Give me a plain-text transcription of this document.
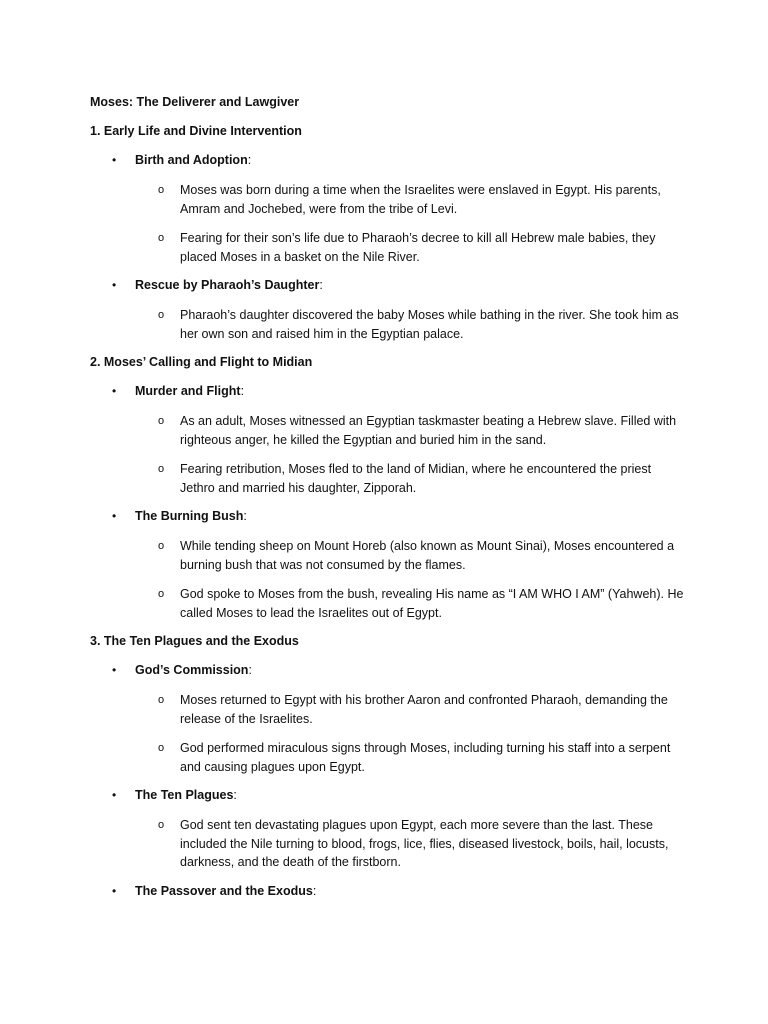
Moses: The Deliverer and Lawgiver
1. Early Life and Divine Intervention
• Birth and Adoption:
o Moses was born during a time when the Israelites were enslaved in Egypt. His parents, Amram and Jochebed, were from the tribe of Levi.
o Fearing for their son’s life due to Pharaoh’s decree to kill all Hebrew male babies, they placed Moses in a basket on the Nile River.
• Rescue by Pharaoh’s Daughter:
o Pharaoh’s daughter discovered the baby Moses while bathing in the river. She took him as her own son and raised him in the Egyptian palace.
2. Moses’ Calling and Flight to Midian
• Murder and Flight:
o As an adult, Moses witnessed an Egyptian taskmaster beating a Hebrew slave. Filled with righteous anger, he killed the Egyptian and buried him in the sand.
o Fearing retribution, Moses fled to the land of Midian, where he encountered the priest Jethro and married his daughter, Zipporah.
• The Burning Bush:
o While tending sheep on Mount Horeb (also known as Mount Sinai), Moses encountered a burning bush that was not consumed by the flames.
o God spoke to Moses from the bush, revealing His name as “I AM WHO I AM” (Yahweh). He called Moses to lead the Israelites out of Egypt.
3. The Ten Plagues and the Exodus
• God’s Commission:
o Moses returned to Egypt with his brother Aaron and confronted Pharaoh, demanding the release of the Israelites.
o God performed miraculous signs through Moses, including turning his staff into a serpent and causing plagues upon Egypt.
• The Ten Plagues:
o God sent ten devastating plagues upon Egypt, each more severe than the last. These included the Nile turning to blood, frogs, lice, flies, diseased livestock, boils, hail, locusts, darkness, and the death of the firstborn.
• The Passover and the Exodus:
